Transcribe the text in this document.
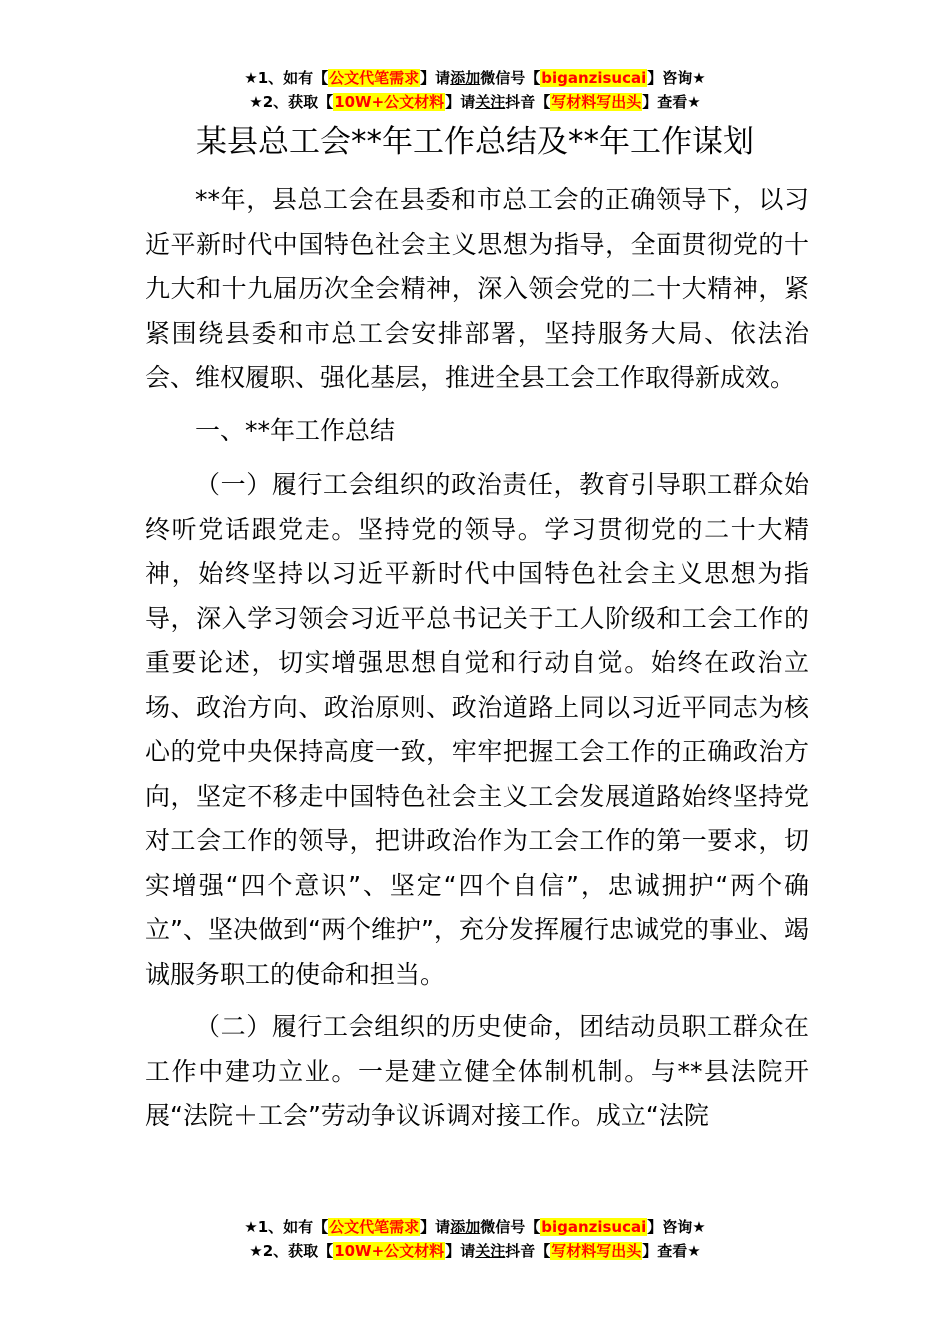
★1、如有【公文代笔需求】请添加微信号【biganzisucai】咨询★
★2、获取【10W+公文材料】请关注抖音【写材料写出头】查看★
某县总工会**年工作总结及**年工作谋划

**年，县总工会在县委和市总工会的正确领导下，以习近平新时代中国特色社会主义思想为指导，全面贯彻党的十九大和十九届历次全会精神，深入领会党的二十大精神，紧紧围绕县委和市总工会安排部署，坚持服务大局、依法治会、维权履职、强化基层，推进全县工会工作取得新成效。

一、**年工作总结

（一）履行工会组织的政治责任，教育引导职工群众始终听党话跟党走。坚持党的领导。学习贯彻党的二十大精神，始终坚持以习近平新时代中国特色社会主义思想为指导，深入学习领会习近平总书记关于工人阶级和工会工作的重要论述，切实增强思想自觉和行动自觉。始终在政治立场、政治方向、政治原则、政治道路上同以习近平同志为核心的党中央保持高度一致，牢牢把握工会工作的正确政治方向，坚定不移走中国特色社会主义工会发展道路始终坚持党对工会工作的领导，把讲政治作为工会工作的第一要求，切实增强“四个意识”、坚定“四个自信”，忠诚拥护“两个确立”、坚决做到“两个维护”，充分发挥履行忠诚党的事业、竭诚服务职工的使命和担当。

（二）履行工会组织的历史使命，团结动员职工群众在工作中建功立业。一是建立健全体制机制。与**县法院开展“法院＋工会”劳动争议诉调对接工作。成立“法院

★1、如有【公文代笔需求】请添加微信号【biganzisucai】咨询★
★2、获取【10W+公文材料】请关注抖音【写材料写出头】查看★
